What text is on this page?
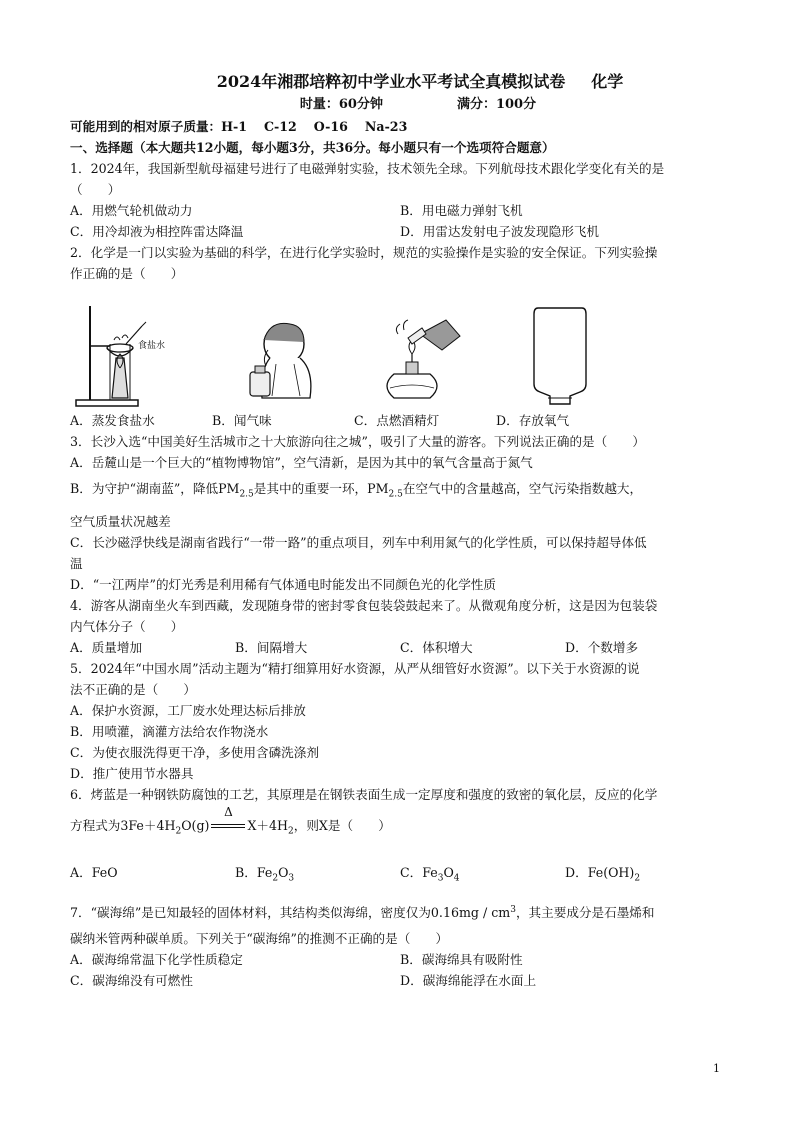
2024年湘郡培粹初中学业水平考试全真模拟试卷 化学
时量：60分钟	满分：100分
可能用到的相对原子质量：H-1　 C-12　 O-16　 Na-23
一、选择题（本大题共12小题，每小题3分，共36分。每小题只有一个选项符合题意）
1．2024年，我国新型航母福建号进行了电磁弹射实验，技术领先全球。下列航母技术跟化学变化有关的是
（　　）
A．用燃气轮机做动力	B．用电磁力弹射飞机
C．用冷却液为相控阵雷达降温	D．用雷达发射电子波发现隐形飞机
2．化学是一门以实验为基础的科学，在进行化学实验时，规范的实验操作是实验的安全保证。下列实验操
作正确的是（　　）
食盐水
A．蒸发食盐水	B．闻气味	C．点燃酒精灯	D．存放氧气
3．长沙入选“中国美好生活城市之十大旅游向往之城”，吸引了大量的游客。下列说法正确的是（　　）
A．岳麓山是一个巨大的“植物博物馆”，空气清新，是因为其中的氧气含量高于氮气
B．为守护“湖南蓝”，降低$PM_{2.5}$是其中的重要一环，$PM_{2.5}$在空气中的含量越高，空气污染指数越大，
空气质量状况越差
C．长沙磁浮快线是湖南省践行“一带一路”的重点项目，列车中利用氮气的化学性质，可以保持超导体低
温
D．“一江两岸”的灯光秀是利用稀有气体通电时能发出不同颜色光的化学性质
4．游客从湖南坐火车到西藏，发现随身带的密封零食包装袋鼓起来了。从微观角度分析，这是因为包装袋
内气体分子（　　）
A．质量增加	B．间隔增大	C．体积增大	D．个数增多
5．2024年“中国水周”活动主题为“精打细算用好水资源，从严从细管好水资源”。以下关于水资源的说
法不正确的是（　　）
A．保护水资源，工厂废水处理达标后排放
B．用喷灌，滴灌方法给农作物浇水
C．为使衣服洗得更干净，多使用含磷洗涤剂
D．推广使用节水器具
6．烤蓝是一种钢铁防腐蚀的工艺，其原理是在钢铁表面生成一定厚度和强度的致密的氧化层，反应的化学
方程式为$3Fe+4H_2O(g)$
Δ
$X+4H_2$，则X是（　　）
A．FeO	B．$Fe_2O_3$	C．$Fe_3O_4$	D．$Fe(OH)_2$
7．“碳海绵”是已知最轻的固体材料，其结构类似海绵，密度仅为$0.16mg / cm^3$，其主要成分是石墨烯和
碳纳米管两种碳单质。下列关于“碳海绵”的推测不正确的是（　　）
A．碳海绵常温下化学性质稳定	B．碳海绵具有吸附性
C．碳海绵没有可燃性	D．碳海绵能浮在水面上
1
